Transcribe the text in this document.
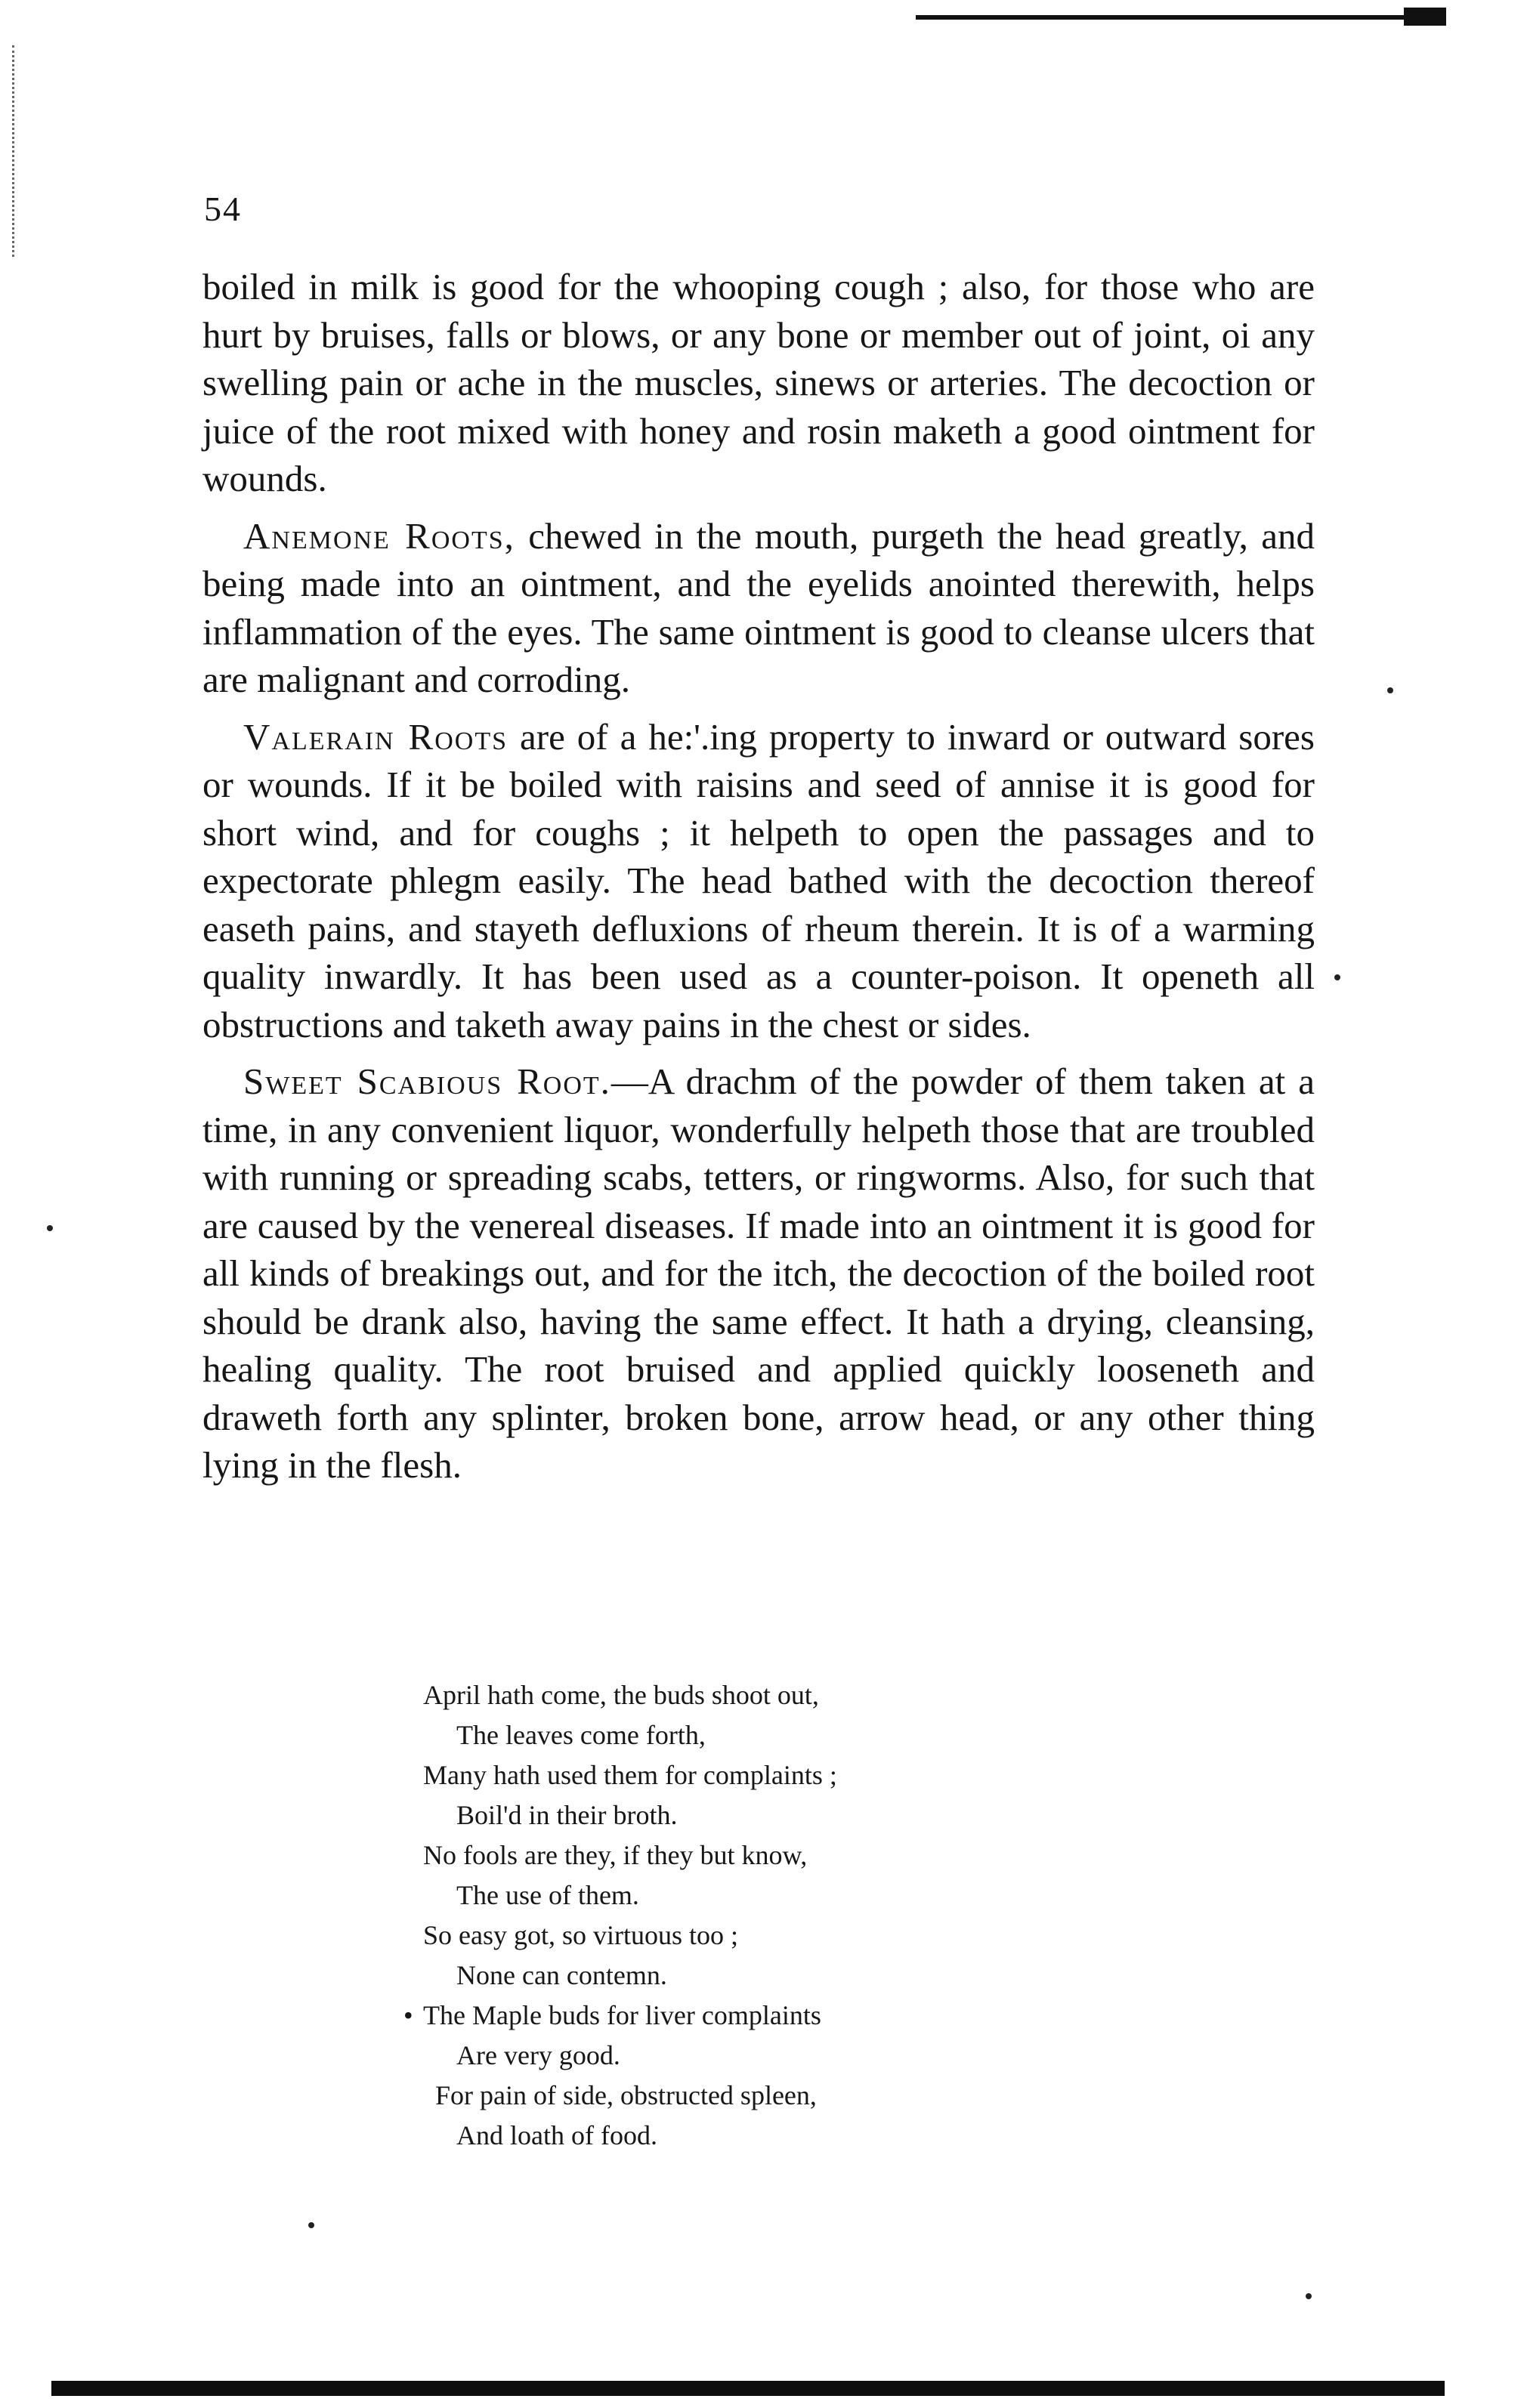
54

boiled in milk is good for the whooping cough ; also, for those who are hurt by bruises, falls or blows, or any bone or member out of joint, oi any swelling pain or ache in the muscles, sinews or arteries. The decoction or juice of the root mixed with honey and rosin maketh a good ointment for wounds.

Anemone Roots, chewed in the mouth, purgeth the head greatly, and being made into an ointment, and the eyelids anointed therewith, helps inflammation of the eyes. The same ointment is good to cleanse ulcers that are malignant and corroding.

Valerain Roots are of a he:'.ing property to inward or outward sores or wounds. If it be boiled with raisins and seed of annise it is good for short wind, and for coughs ; it helpeth to open the passages and to expectorate phlegm easily. The head bathed with the decoction thereof easeth pains, and stayeth defluxions of rheum therein. It is of a warming quality inwardly. It has been used as a counter-poison. It openeth all obstructions and taketh away pains in the chest or sides.

Sweet Scabious Root.—A drachm of the powder of them taken at a time, in any convenient liquor, wonderfully helpeth those that are troubled with running or spreading scabs, tetters, or ringworms. Also, for such that are caused by the venereal diseases. If made into an ointment it is good for all kinds of breakings out, and for the itch, the decoction of the boiled root should be drank also, having the same effect. It hath a drying, cleansing, healing quality. The root bruised and applied quickly looseneth and draweth forth any splinter, broken bone, arrow head, or any other thing lying in the flesh.

April hath come, the buds shoot out,
The leaves come forth,
Many hath used them for complaints ;
Boil'd in their broth.
No fools are they, if they but know,
The use of them.
So easy got, so virtuous too ;
None can contemn.
• The Maple buds for liver complaints
Are very good.
For pain of side, obstructed spleen,
And loath of food.
